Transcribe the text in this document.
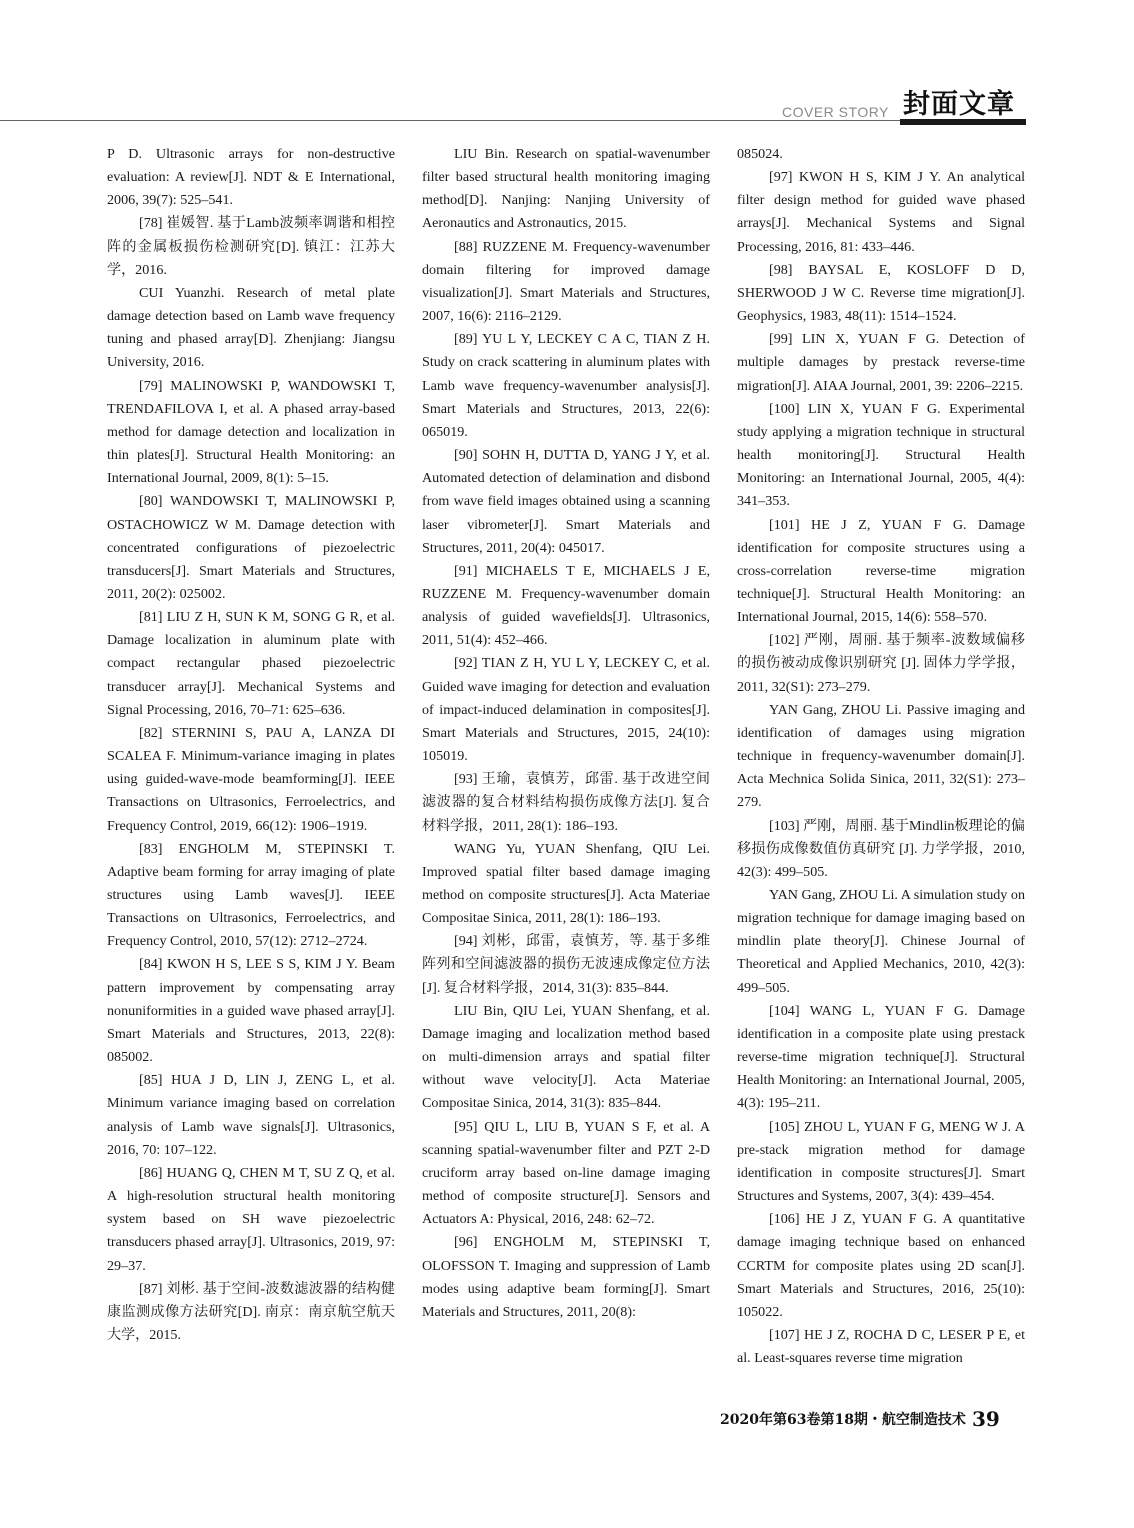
COVER STORY 封面文章

P D. Ultrasonic arrays for non-destructive evaluation: A review[J]. NDT & E International, 2006, 39(7): 525–541.

[78] 崔媛智. 基于Lamb波频率调谐和相控阵的金属板损伤检测研究[D]. 镇江：江苏大学，2016.

CUI Yuanzhi. Research of metal plate damage detection based on Lamb wave frequency tuning and phased array[D]. Zhenjiang: Jiangsu University, 2016.

[79] MALINOWSKI P, WANDOWSKI T, TRENDAFILOVA I, et al. A phased array-based method for damage detection and localization in thin plates[J]. Structural Health Monitoring: an International Journal, 2009, 8(1): 5–15.

[80] WANDOWSKI T, MALINOWSKI P, OSTACHOWICZ W M. Damage detection with concentrated configurations of piezoelectric transducers[J]. Smart Materials and Structures, 2011, 20(2): 025002.

[81] LIU Z H, SUN K M, SONG G R, et al. Damage localization in aluminum plate with compact rectangular phased piezoelectric transducer array[J]. Mechanical Systems and Signal Processing, 2016, 70–71: 625–636.

[82] STERNINI S, PAU A, LANZA DI SCALEA F. Minimum-variance imaging in plates using guided-wave-mode beamforming[J]. IEEE Transactions on Ultrasonics, Ferroelectrics, and Frequency Control, 2019, 66(12): 1906–1919.

[83] ENGHOLM M, STEPINSKI T. Adaptive beam forming for array imaging of plate structures using Lamb waves[J]. IEEE Transactions on Ultrasonics, Ferroelectrics, and Frequency Control, 2010, 57(12): 2712–2724.

[84] KWON H S, LEE S S, KIM J Y. Beam pattern improvement by compensating array nonuniformities in a guided wave phased array[J]. Smart Materials and Structures, 2013, 22(8): 085002.

[85] HUA J D, LIN J, ZENG L, et al. Minimum variance imaging based on correlation analysis of Lamb wave signals[J]. Ultrasonics, 2016, 70: 107–122.

[86] HUANG Q, CHEN M T, SU Z Q, et al. A high-resolution structural health monitoring system based on SH wave piezoelectric transducers phased array[J]. Ultrasonics, 2019, 97: 29–37.

[87] 刘彬. 基于空间-波数滤波器的结构健康监测成像方法研究[D]. 南京：南京航空航天大学，2015.

LIU Bin. Research on spatial-wavenumber filter based structural health monitoring imaging method[D]. Nanjing: Nanjing University of Aeronautics and Astronautics, 2015.

[88] RUZZENE M. Frequency-wavenumber domain filtering for improved damage visualization[J]. Smart Materials and Structures, 2007, 16(6): 2116–2129.

[89] YU L Y, LECKEY C A C, TIAN Z H. Study on crack scattering in aluminum plates with Lamb wave frequency-wavenumber analysis[J]. Smart Materials and Structures, 2013, 22(6): 065019.

[90] SOHN H, DUTTA D, YANG J Y, et al. Automated detection of delamination and disbond from wave field images obtained using a scanning laser vibrometer[J]. Smart Materials and Structures, 2011, 20(4): 045017.

[91] MICHAELS T E, MICHAELS J E, RUZZENE M. Frequency-wavenumber domain analysis of guided wavefields[J]. Ultrasonics, 2011, 51(4): 452–466.

[92] TIAN Z H, YU L Y, LECKEY C, et al. Guided wave imaging for detection and evaluation of impact-induced delamination in composites[J]. Smart Materials and Structures, 2015, 24(10): 105019.

[93] 王瑜，袁慎芳，邱雷. 基于改进空间滤波器的复合材料结构损伤成像方法[J]. 复合材料学报，2011, 28(1): 186–193.

WANG Yu, YUAN Shenfang, QIU Lei. Improved spatial filter based damage imaging method on composite structures[J]. Acta Materiae Compositae Sinica, 2011, 28(1): 186–193.

[94] 刘彬，邱雷，袁慎芳，等. 基于多维阵列和空间滤波器的损伤无波速成像定位方法[J]. 复合材料学报，2014, 31(3): 835–844.

LIU Bin, QIU Lei, YUAN Shenfang, et al. Damage imaging and localization method based on multi-dimension arrays and spatial filter without wave velocity[J]. Acta Materiae Compositae Sinica, 2014, 31(3): 835–844.

[95] QIU L, LIU B, YUAN S F, et al. A scanning spatial-wavenumber filter and PZT 2-D cruciform array based on-line damage imaging method of composite structure[J]. Sensors and Actuators A: Physical, 2016, 248: 62–72.

[96] ENGHOLM M, STEPINSKI T, OLOFSSON T. Imaging and suppression of Lamb modes using adaptive beam forming[J]. Smart Materials and Structures, 2011, 20(8):

085024.

[97] KWON H S, KIM J Y. An analytical filter design method for guided wave phased arrays[J]. Mechanical Systems and Signal Processing, 2016, 81: 433–446.

[98] BAYSAL E, KOSLOFF D D, SHERWOOD J W C. Reverse time migration[J]. Geophysics, 1983, 48(11): 1514–1524.

[99] LIN X, YUAN F G. Detection of multiple damages by prestack reverse-time migration[J]. AIAA Journal, 2001, 39: 2206–2215.

[100] LIN X, YUAN F G. Experimental study applying a migration technique in structural health monitoring[J]. Structural Health Monitoring: an International Journal, 2005, 4(4): 341–353.

[101] HE J Z, YUAN F G. Damage identification for composite structures using a cross-correlation reverse-time migration technique[J]. Structural Health Monitoring: an International Journal, 2015, 14(6): 558–570.

[102] 严刚，周丽. 基于频率-波数域偏移的损伤被动成像识别研究 [J]. 固体力学学报，2011, 32(S1): 273–279.

YAN Gang, ZHOU Li. Passive imaging and identification of damages using migration technique in frequency-wavenumber domain[J]. Acta Mechnica Solida Sinica, 2011, 32(S1): 273–279.

[103] 严刚，周丽. 基于Mindlin板理论的偏移损伤成像数值仿真研究 [J]. 力学学报，2010, 42(3): 499–505.

YAN Gang, ZHOU Li. A simulation study on migration technique for damage imaging based on mindlin plate theory[J]. Chinese Journal of Theoretical and Applied Mechanics, 2010, 42(3): 499–505.

[104] WANG L, YUAN F G. Damage identification in a composite plate using prestack reverse-time migration technique[J]. Structural Health Monitoring: an International Journal, 2005, 4(3): 195–211.

[105] ZHOU L, YUAN F G, MENG W J. A pre-stack migration method for damage identification in composite structures[J]. Smart Structures and Systems, 2007, 3(4): 439–454.

[106] HE J Z, YUAN F G. A quantitative damage imaging technique based on enhanced CCRTM for composite plates using 2D scan[J]. Smart Materials and Structures, 2016, 25(10): 105022.

[107] HE J Z, ROCHA D C, LESER P E, et al. Least-squares reverse time migration

2020年第63卷第18期・航空制造技术 39
